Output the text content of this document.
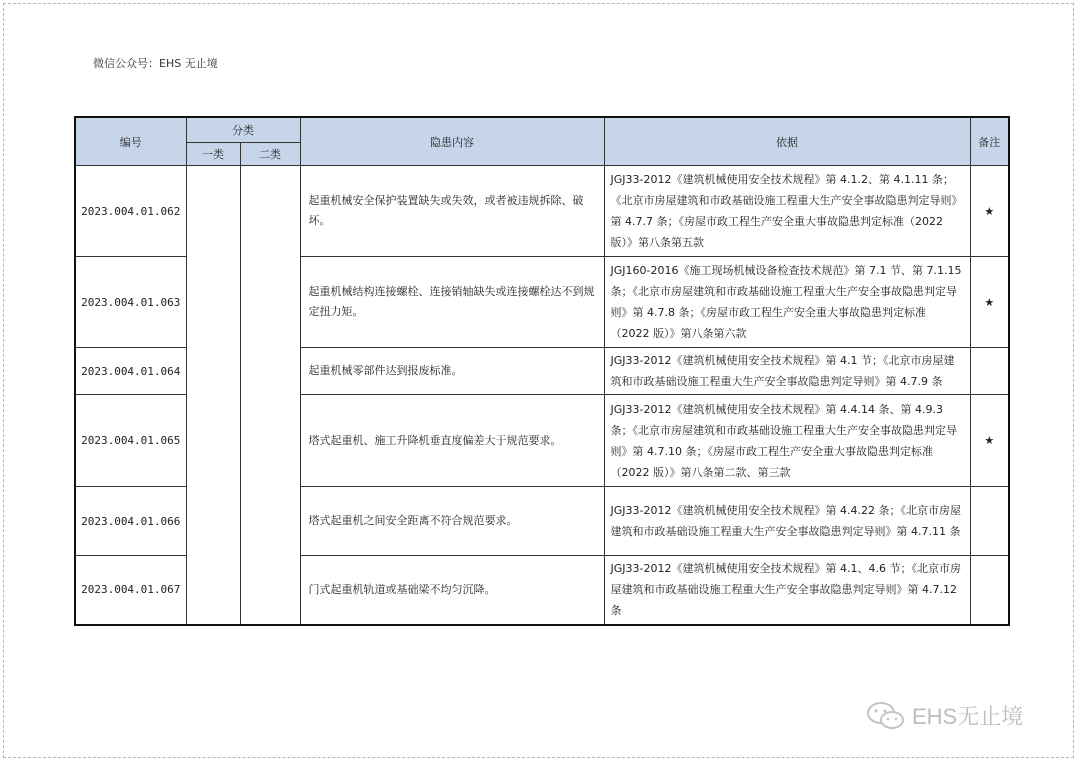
微信公众号：EHS 无止境
编号	分类		隐患内容	依据	备注
	一类	二类			
2023.004.01.062			起重机械安全保护装置缺失或失效，或者被违规拆除、破坏。	JGJ33-2012《建筑机械使用安全技术规程》第 4.1.2、第 4.1.11 条；《北京市房屋建筑和市政基础设施工程重大生产安全事故隐患判定导则》第 4.7.7 条；《房屋市政工程生产安全重大事故隐患判定标准（2022 版）》第八条第五款	★
2023.004.01.063			起重机械结构连接螺栓、连接销轴缺失或连接螺栓达不到规定扭力矩。	JGJ160-2016《施工现场机械设备检查技术规范》第 7.1 节、第 7.1.15 条；《北京市房屋建筑和市政基础设施工程重大生产安全事故隐患判定导则》第 4.7.8 条；《房屋市政工程生产安全重大事故隐患判定标准（2022 版）》第八条第六款	★
2023.004.01.064			起重机械零部件达到报废标准。	JGJ33-2012《建筑机械使用安全技术规程》第 4.1 节；《北京市房屋建筑和市政基础设施工程重大生产安全事故隐患判定导则》第 4.7.9 条	
2023.004.01.065			塔式起重机、施工升降机垂直度偏差大于规范要求。	JGJ33-2012《建筑机械使用安全技术规程》第 4.4.14 条、第 4.9.3 条；《北京市房屋建筑和市政基础设施工程重大生产安全事故隐患判定导则》第 4.7.10 条；《房屋市政工程生产安全重大事故隐患判定标准（2022 版）》第八条第二款、第三款	★
2023.004.01.066			塔式起重机之间安全距离不符合规范要求。	JGJ33-2012《建筑机械使用安全技术规程》第 4.4.22 条；《北京市房屋建筑和市政基础设施工程重大生产安全事故隐患判定导则》第 4.7.11 条	
2023.004.01.067			门式起重机轨道或基础梁不均匀沉降。	JGJ33-2012《建筑机械使用安全技术规程》第 4.1、4.6 节；《北京市房屋建筑和市政基础设施工程重大生产安全事故隐患判定导则》第 4.7.12 条	
EHS无止境
